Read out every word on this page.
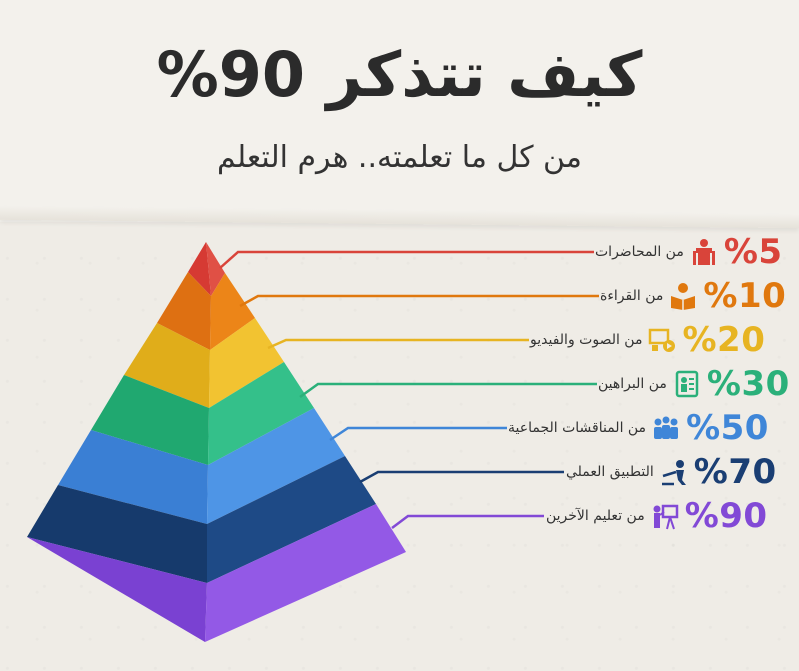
كيف تتذكر 90%
من كل ما تعلمته.. هرم التعلم
من المحاضرات %5
من القراءة %10
من الصوت والفيديو %20
من البراهين %30
من المناقشات الجماعية %50
التطبيق العملي %70
من تعليم الآخرين %90
